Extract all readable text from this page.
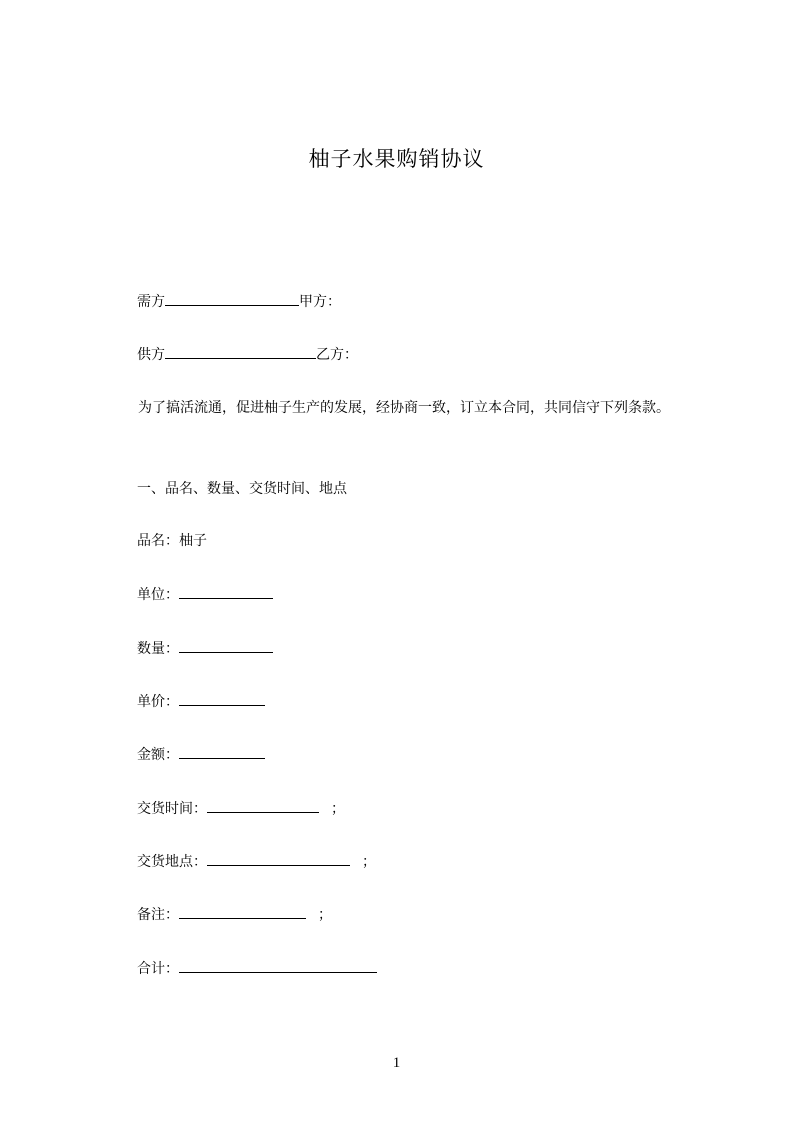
柚子水果购销协议
需方	甲方：
供方	乙方：
为了搞活流通，促进柚子生产的发展，经协商一致，订立本合同，共同信守下列条款。
一、品名、数量、交货时间、地点
品名：柚子
单位：
数量：
单价：
金额：
交货时间：	；
交货地点：	；
备注：	；
合计：
1
